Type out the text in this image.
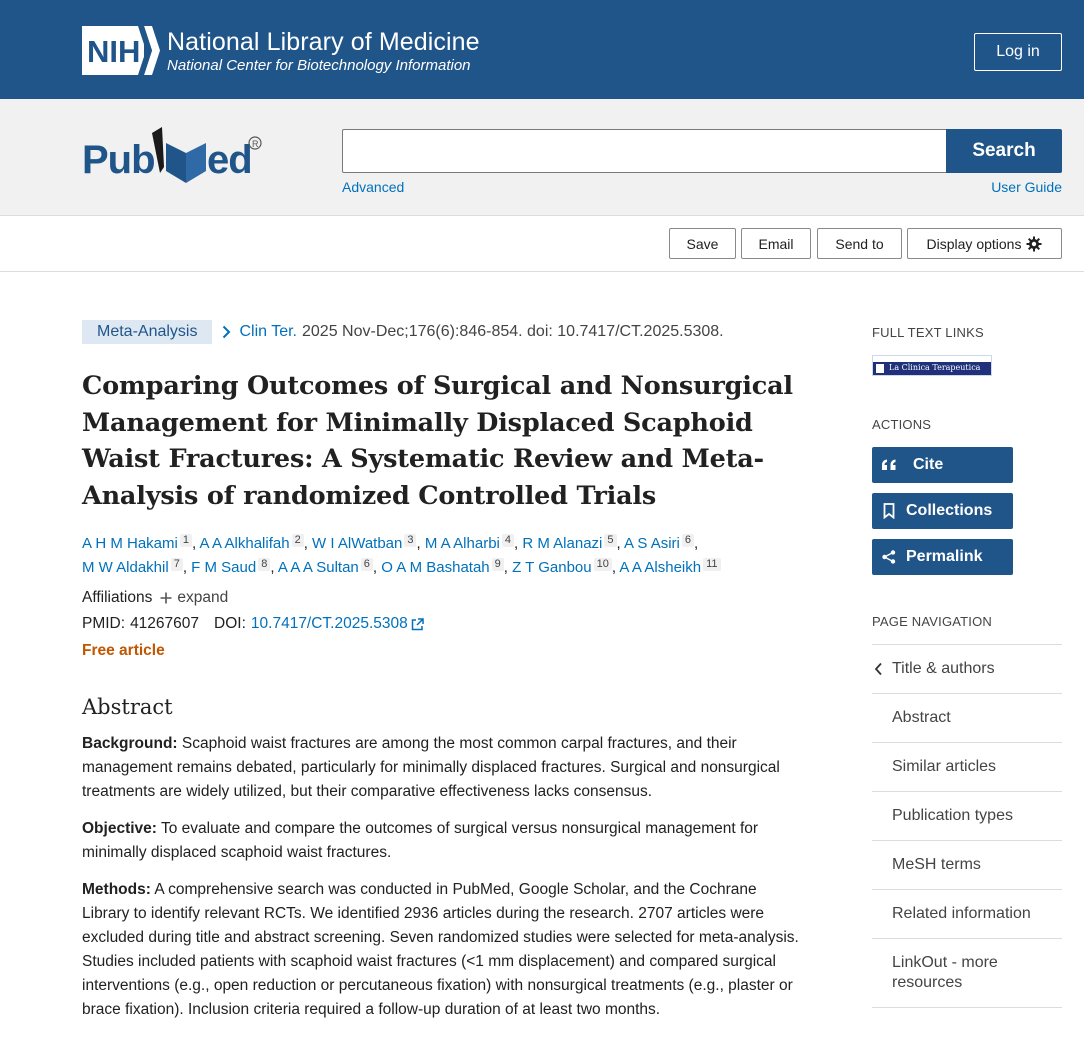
NIH National Library of Medicine
National Center for Biotechnology Information
Log in
Pub ed R	Search
Advanced	User Guide
Save	Email	Send to	Display options
Meta-Analysis	Clin Ter. 2025 Nov-Dec;176(6):846-854. doi: 10.7417/CT.2025.5308.
Comparing Outcomes of Surgical and Nonsurgical Management for Minimally Displaced Scaphoid Waist Fractures: A Systematic Review and Meta-Analysis of randomized Controlled Trials
A H M Hakami 1 , A A Alkhalifah 2 , W I AlWatban 3 , M A Alharbi 4 , R M Alanazi 5 , A S Asiri 6 ,
M W Aldakhil 7 , F M Saud 8 , A A A Sultan 6 , O A M Bashatah 9 , Z T Ganbou 10 , A A Alsheikh 11
Affiliations expand
PMID: 41267607 DOI: 10.7417/CT.2025.5308
Free article
Abstract

Background: Scaphoid waist fractures are among the most common carpal fractures, and their management remains debated, particularly for minimally displaced fractures. Surgical and nonsurgical treatments are widely utilized, but their comparative effectiveness lacks consensus.

Objective: To evaluate and compare the outcomes of surgical versus nonsurgical management for minimally displaced scaphoid waist fractures.

Methods: A comprehensive search was conducted in PubMed, Google Scholar, and the Cochrane Library to identify relevant RCTs. We identified 2936 articles during the research. 2707 articles were excluded during title and abstract screening. Seven randomized studies were selected for meta-analysis. Studies included patients with scaphoid waist fractures (<1 mm displacement) and compared surgical interventions (e.g., open reduction or percutaneous fixation) with nonsurgical treatments (e.g., plaster or brace fixation). Inclusion criteria required a follow-up duration of at least two months.

FULL TEXT LINKS
La Clinica Terapeutica
ACTIONS
Cite
Collections
Permalink
PAGE NAVIGATION
Title & authors
Abstract
Similar articles
Publication types
MeSH terms
Related information
LinkOut - more resources
